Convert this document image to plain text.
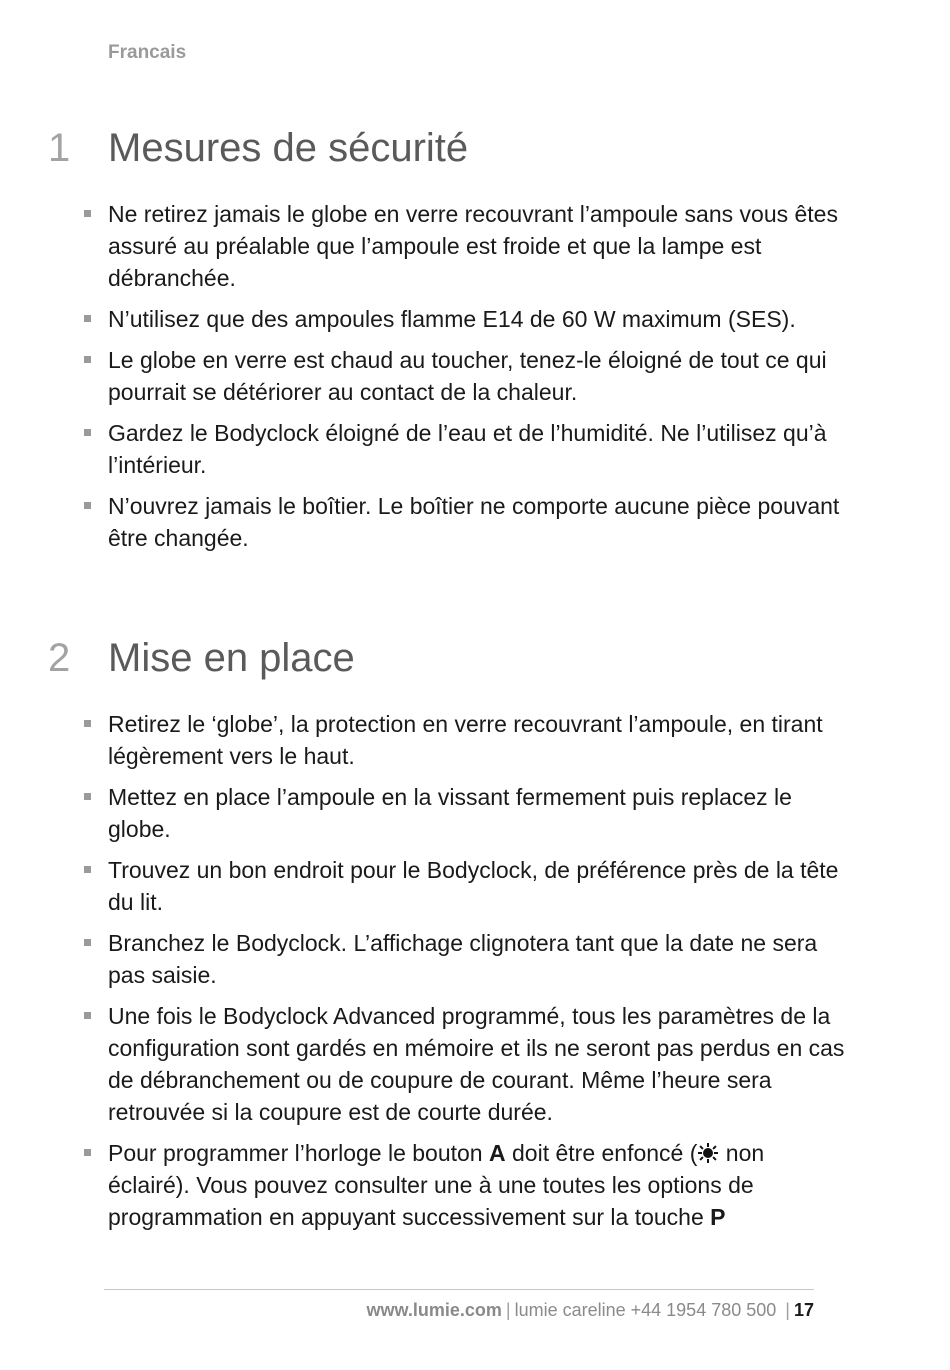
Francais
1 Mesures de sécurité
Ne retirez jamais le globe en verre recouvrant l’ampoule sans vous êtes assuré au préalable que l’ampoule est froide et que la lampe est débranchée.
N’utilisez que des ampoules flamme E14 de 60 W maximum (SES).
Le globe en verre est chaud au toucher, tenez-le éloigné de tout ce qui pourrait se détériorer au contact de la chaleur.
Gardez le Bodyclock éloigné de l’eau et de l’humidité. Ne l’utilisez qu’à l’intérieur.
N’ouvrez jamais le boîtier. Le boîtier ne comporte aucune pièce pouvant être changée.
2 Mise en place
Retirez le ‘globe’, la protection en verre recouvrant l’ampoule, en tirant légèrement vers le haut.
Mettez en place l’ampoule en la vissant fermement puis replacez le globe.
Trouvez un bon endroit pour le Bodyclock, de préférence près de la tête du lit.
Branchez le Bodyclock. L’affichage clignotera tant que la date ne sera pas saisie.
Une fois le Bodyclock Advanced programmé, tous les paramètres de la configuration sont gardés en mémoire et ils ne seront pas perdus en cas de débranchement ou de coupure de courant. Même l’heure sera retrouvée si la coupure est de courte durée.
Pour programmer l’horloge le bouton A doit être enfoncé ( non éclairé). Vous pouvez consulter une à une toutes les options de programmation en appuyant successivement sur la touche P
www.lumie.com | lumie careline +44 1954 780 500 | 17
